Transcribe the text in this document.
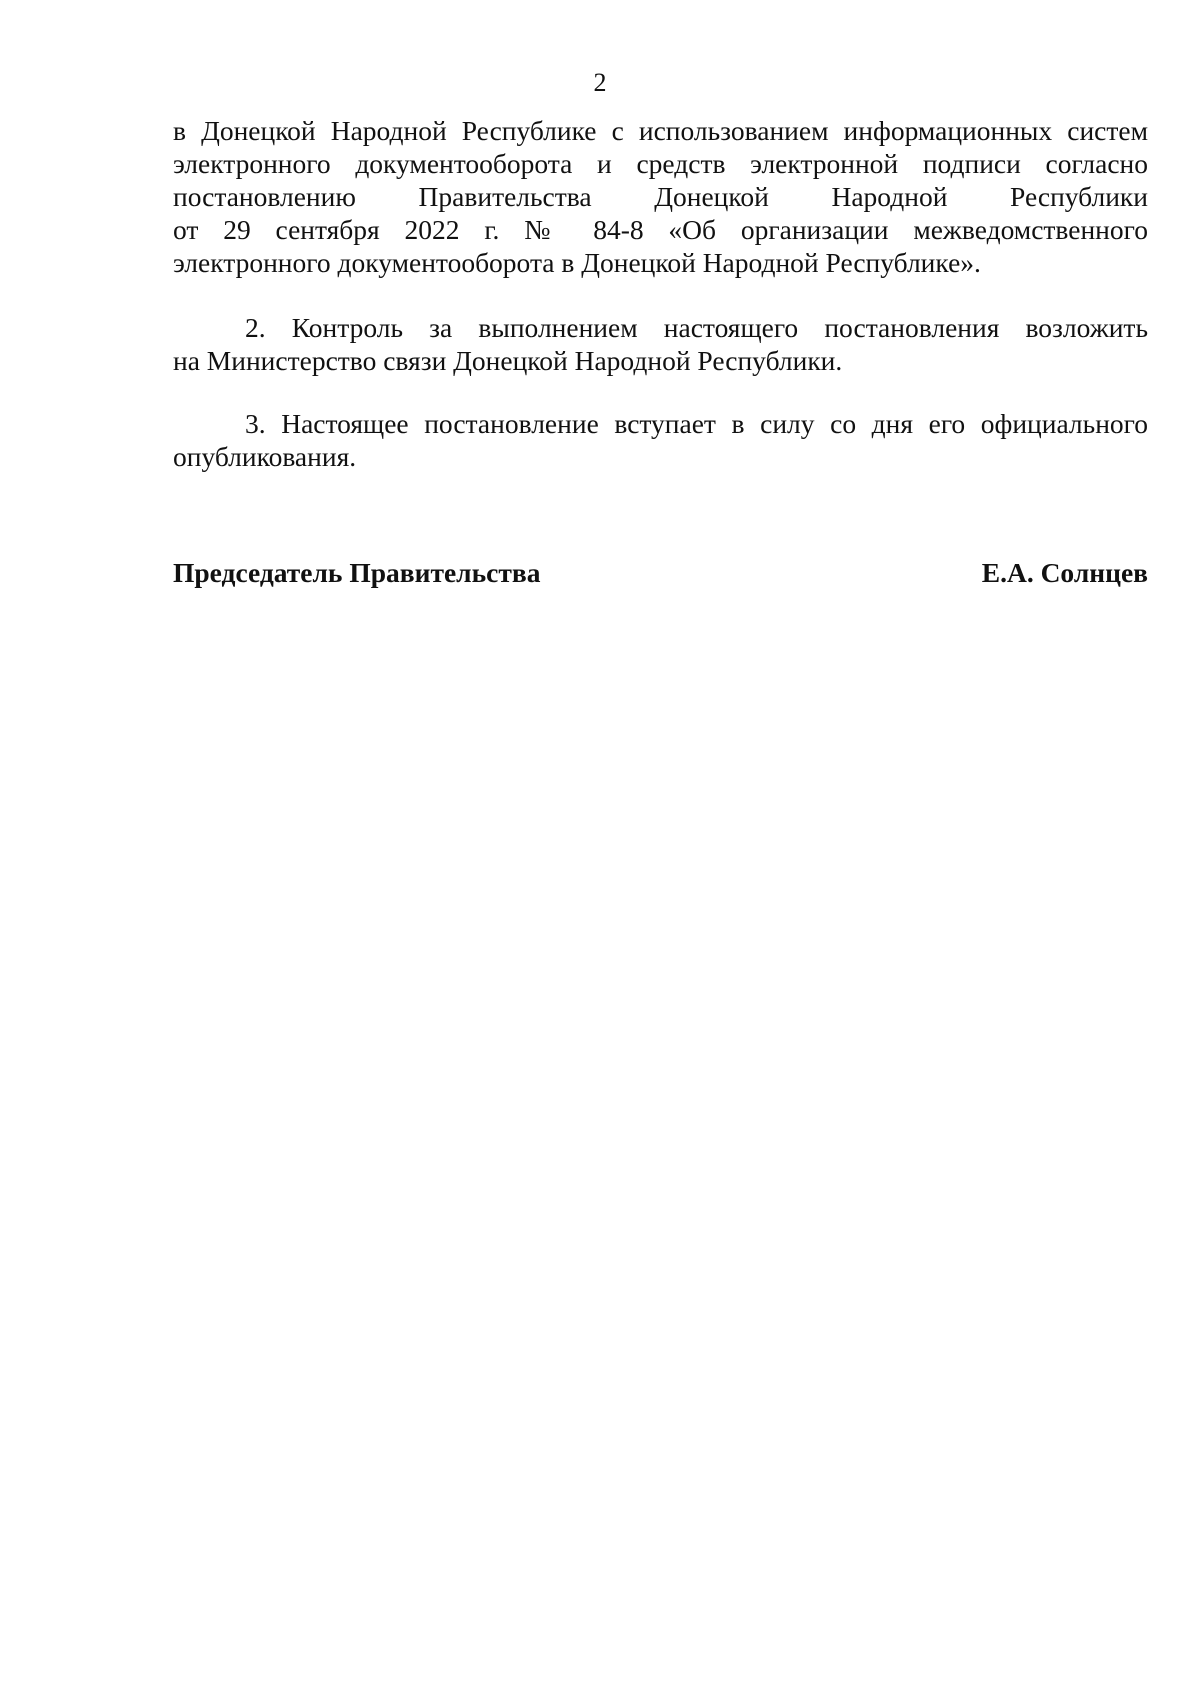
2
в Донецкой Народной Республике с использованием информационных систем
электронного документооборота и средств электронной подписи согласно
постановлению Правительства Донецкой Народной Республики
от 29 сентября 2022 г. № 84-8 «Об организации межведомственного
электронного документооборота в Донецкой Народной Республике».
2. Контроль за выполнением настоящего постановления возложить
на Министерство связи Донецкой Народной Республики.
3. Настоящее постановление вступает в силу со дня его официального
опубликования.
Председатель Правительства	Е.А. Солнцев
